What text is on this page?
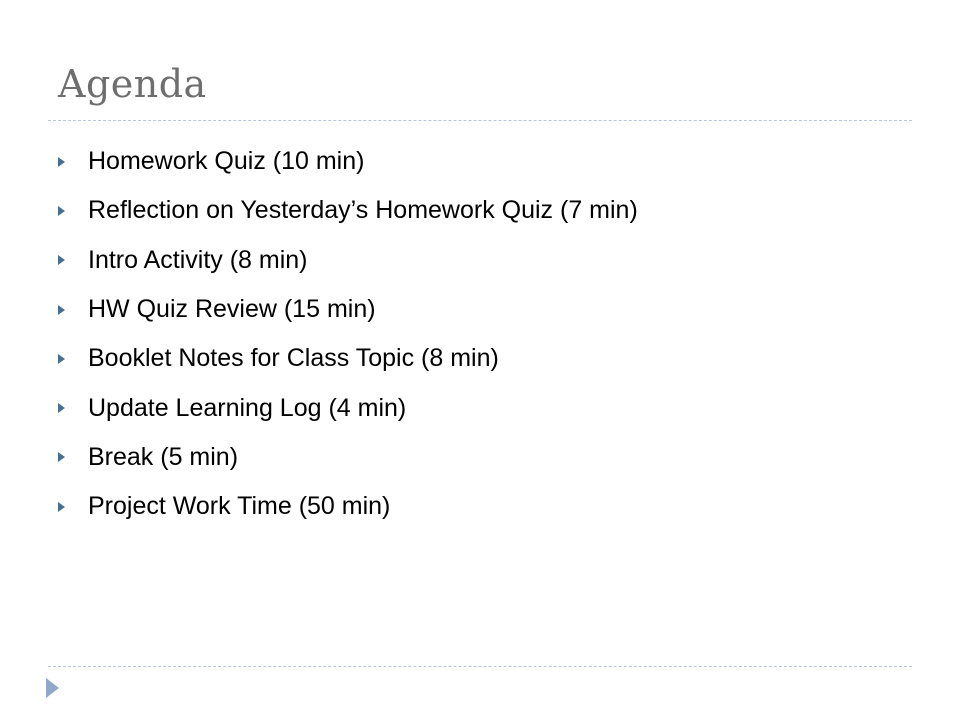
Agenda
Homework Quiz (10 min)
Reflection on Yesterday’s Homework Quiz (7 min)
Intro Activity (8 min)
HW Quiz Review (15 min)
Booklet Notes for Class Topic (8 min)
Update Learning Log (4 min)
Break (5 min)
Project Work Time (50 min)
